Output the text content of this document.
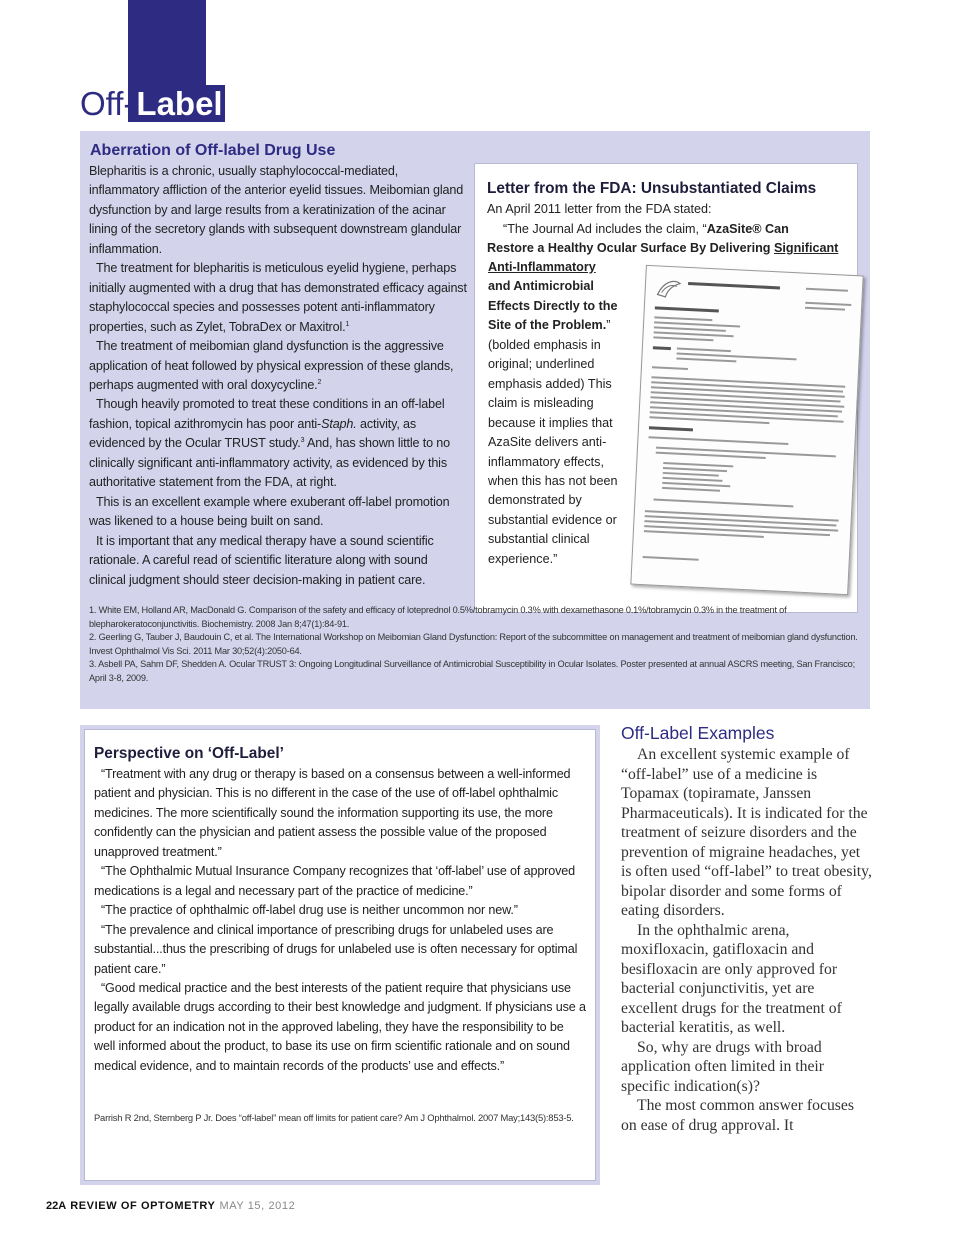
Off-Label
Aberration of Off-label Drug Use

Blepharitis is a chronic, usually staphylococcal-mediated, inflammatory affliction of the anterior eyelid tissues. Meibomian gland dysfunction by and large results from a keratinization of the acinar lining of the secretory glands with subsequent downstream glandular inflammation.

The treatment for blepharitis is meticulous eyelid hygiene, perhaps initially augmented with a drug that has demonstrated efficacy against staphylococcal species and possesses potent anti-inflammatory properties, such as Zylet, TobraDex or Maxitrol.$^1$

The treatment of meibomian gland dysfunction is the aggressive application of heat followed by physical expression of these glands, perhaps augmented with oral doxycycline.$^2$

Though heavily promoted to treat these conditions in an off-label fashion, topical azithromycin has poor anti-Staph. activity, as evidenced by the Ocular TRUST study.$^3$ And, has shown little to no clinically significant anti-inflammatory activity, as evidenced by this authoritative statement from the FDA, at right.

This is an excellent example where exuberant off-label promotion was likened to a house being built on sand.

It is important that any medical therapy have a sound scientific rationale. A careful read of scientific literature along with sound clinical judgment should steer decision-making in patient care.

Letter from the FDA: Unsubstantiated Claims
An April 2011 letter from the FDA stated:
“The Journal Ad includes the claim, “AzaSite® Can
Restore a Healthy Ocular Surface By Delivering Significant
Anti-Inflammatory
and Antimicrobial Effects Directly to the Site of the Problem.” (bolded emphasis in original; underlined emphasis added) This claim is misleading because it implies that AzaSite delivers anti-inflammatory effects, when this has not been demonstrated by substantial evidence or substantial clinical experience.”

1. White EM, Holland AR, MacDonald G. Comparison of the safety and efficacy of loteprednol 0.5%/tobramycin 0.3% with dexamethasone 0.1%/tobramycin 0.3% in the treatment of blepharokeratoconjunctivitis. Biochemistry. 2008 Jan 8;47(1):84-91.

2. Geerling G, Tauber J, Baudouin C, et al. The International Workshop on Meibomian Gland Dysfunction: Report of the subcommittee on management and treatment of meibomian gland dysfunction. Invest Ophthalmol Vis Sci. 2011 Mar 30;52(4):2050-64.

3. Asbell PA, Sahm DF, Shedden A. Ocular TRUST 3: Ongoing Longitudinal Surveillance of Antimicrobial Susceptibility in Ocular Isolates. Poster presented at annual ASCRS meeting, San Francisco; April 3-8, 2009.

Perspective on ‘Off-Label’

“Treatment with any drug or therapy is based on a consensus between a well-informed patient and physician. This is no different in the case of the use of off-label ophthalmic medicines. The more scientifically sound the information supporting its use, the more confidently can the physician and patient assess the possible value of the proposed unapproved treatment.”

“The Ophthalmic Mutual Insurance Company recognizes that ‘off-label’ use of approved medications is a legal and necessary part of the practice of medicine.”

“The practice of ophthalmic off-label drug use is neither uncommon nor new.”

“The prevalence and clinical importance of prescribing drugs for unlabeled uses are substantial...thus the prescribing of drugs for unlabeled use is often necessary for optimal patient care.”

“Good medical practice and the best interests of the patient require that physicians use legally available drugs according to their best knowledge and judgment. If physicians use a product for an indication not in the approved labeling, they have the responsibility to be well informed about the product, to base its use on firm scientific rationale and on sound medical evidence, and to maintain records of the products’ use and effects.”

Parrish R 2nd, Sternberg P Jr. Does “off-label” mean off limits for patient care? Am J Ophthalmol. 2007 May;143(5):853-5.
Off-Label Examples

An excellent systemic example of “off-label” use of a medicine is Topamax (topiramate, Janssen Pharmaceuticals). It is indicated for the treatment of seizure disorders and the prevention of migraine headaches, yet is often used “off-label” to treat obesity, bipolar disorder and some forms of eating disorders.

In the ophthalmic arena, moxifloxacin, gatifloxacin and besifloxacin are only approved for bacterial conjunctivitis, yet are excellent drugs for the treatment of bacterial keratitis, as well.

So, why are drugs with broad application often limited in their specific indication(s)?

The most common answer focuses on ease of drug approval. It

22A REVIEW OF OPTOMETRY MAY 15, 2012
